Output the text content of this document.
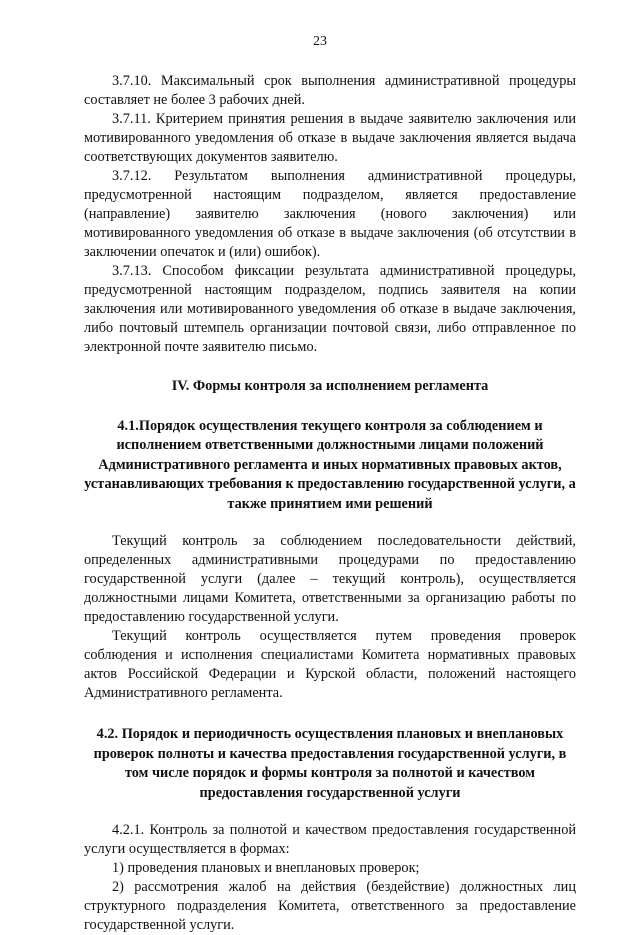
23

3.7.10. Максимальный срок выполнения административной процедуры составляет не более 3 рабочих дней.

3.7.11. Критерием принятия решения в выдаче заявителю заключения или мотивированного уведомления об отказе в выдаче заключения является выдача соответствующих документов заявителю.

3.7.12. Результатом выполнения административной процедуры, предусмотренной настоящим подразделом, является предоставление (направление) заявителю заключения (нового заключения) или мотивированного уведомления об отказе в выдаче заключения (об отсутствии в заключении опечаток и (или) ошибок).

3.7.13. Способом фиксации результата административной процедуры, предусмотренной настоящим подразделом, подпись заявителя на копии заключения или мотивированного уведомления об отказе в выдаче заключения, либо почтовый штемпель организации почтовой связи, либо отправленное по электронной почте заявителю письмо.

IV. Формы контроля за исполнением регламента
4.1.Порядок осуществления текущего контроля за соблюдением и исполнением ответственными должностными лицами положений Административного регламента и иных нормативных правовых актов, устанавливающих требования к предоставлению государственной услуги, а также принятием ими решений

Текущий контроль за соблюдением последовательности действий, определенных административными процедурами по предоставлению государственной услуги (далее – текущий контроль), осуществляется должностными лицами Комитета, ответственными за организацию работы по предоставлению государственной услуги.

Текущий контроль осуществляется путем проведения проверок соблюдения и исполнения специалистами Комитета нормативных правовых актов Российской Федерации и Курской области, положений настоящего Административного регламента.

4.2. Порядок и периодичность осуществления плановых и внеплановых проверок полноты и качества предоставления государственной услуги, в том числе порядок и формы контроля за полнотой и качеством предоставления государственной услуги

4.2.1. Контроль за полнотой и качеством предоставления государственной услуги осуществляется в формах:

1) проведения плановых и внеплановых проверок;

2) рассмотрения жалоб на действия (бездействие) должностных лиц структурного подразделения Комитета, ответственного за предоставление государственной услуги.
